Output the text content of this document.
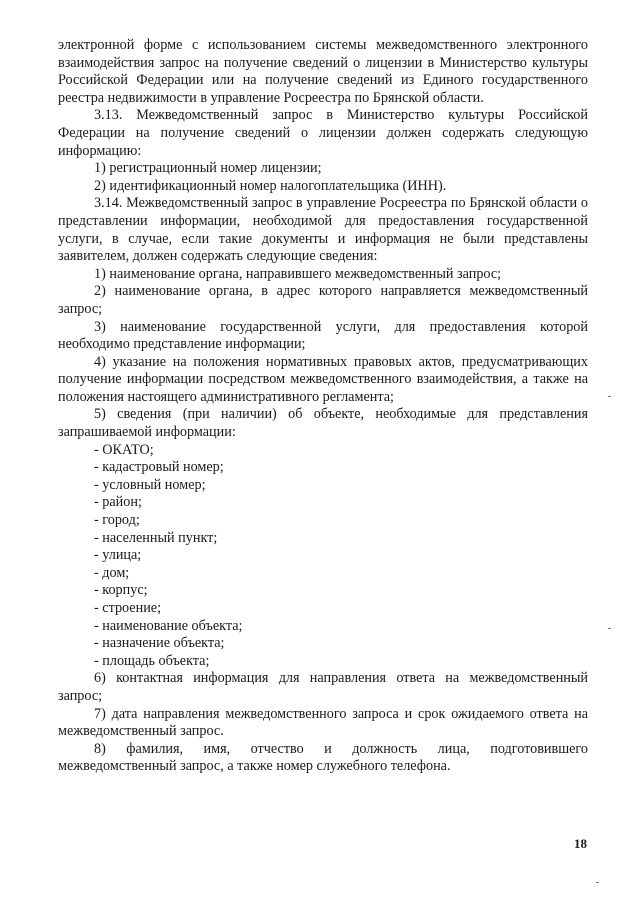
электронной форме с использованием системы межведомственного электронного взаимодействия запрос на получение сведений о лицензии в Министерство культуры Российской Федерации или на получение сведений из Единого государственного реестра недвижимости в управление Росреестра по Брянской области.

3.13. Межведомственный запрос в Министерство культуры Российской Федерации на получение сведений о лицензии должен содержать следующую информацию:

1) регистрационный номер лицензии;

2) идентификационный номер налогоплательщика (ИНН).

3.14. Межведомственный запрос в управление Росреестра по Брянской области о представлении информации, необходимой для предоставления государственной услуги, в случае, если такие документы и информация не были представлены заявителем, должен содержать следующие сведения:

1) наименование органа, направившего межведомственный запрос;

2) наименование органа, в адрес которого направляется межведомственный запрос;

3) наименование государственной услуги, для предоставления которой необходимо представление информации;

4) указание на положения нормативных правовых актов, предусматривающих получение информации посредством межведомственного взаимодействия, а также на положения настоящего административного регламента;

5) сведения (при наличии) об объекте, необходимые для представления запрашиваемой информации:

- ОКАТО;

- кадастровый номер;

- условный номер;

- район;

- город;

- населенный пункт;

- улица;

- дом;

- корпус;

- строение;

- наименование объекта;

- назначение объекта;

- площадь объекта;

6) контактная информация для направления ответа на межведомственный запрос;

7) дата направления межведомственного запроса и срок ожидаемого ответа на межведомственный запрос.

8) фамилия, имя, отчество и должность лица, подготовившего межведомственный запрос, а также номер служебного телефона.

18
